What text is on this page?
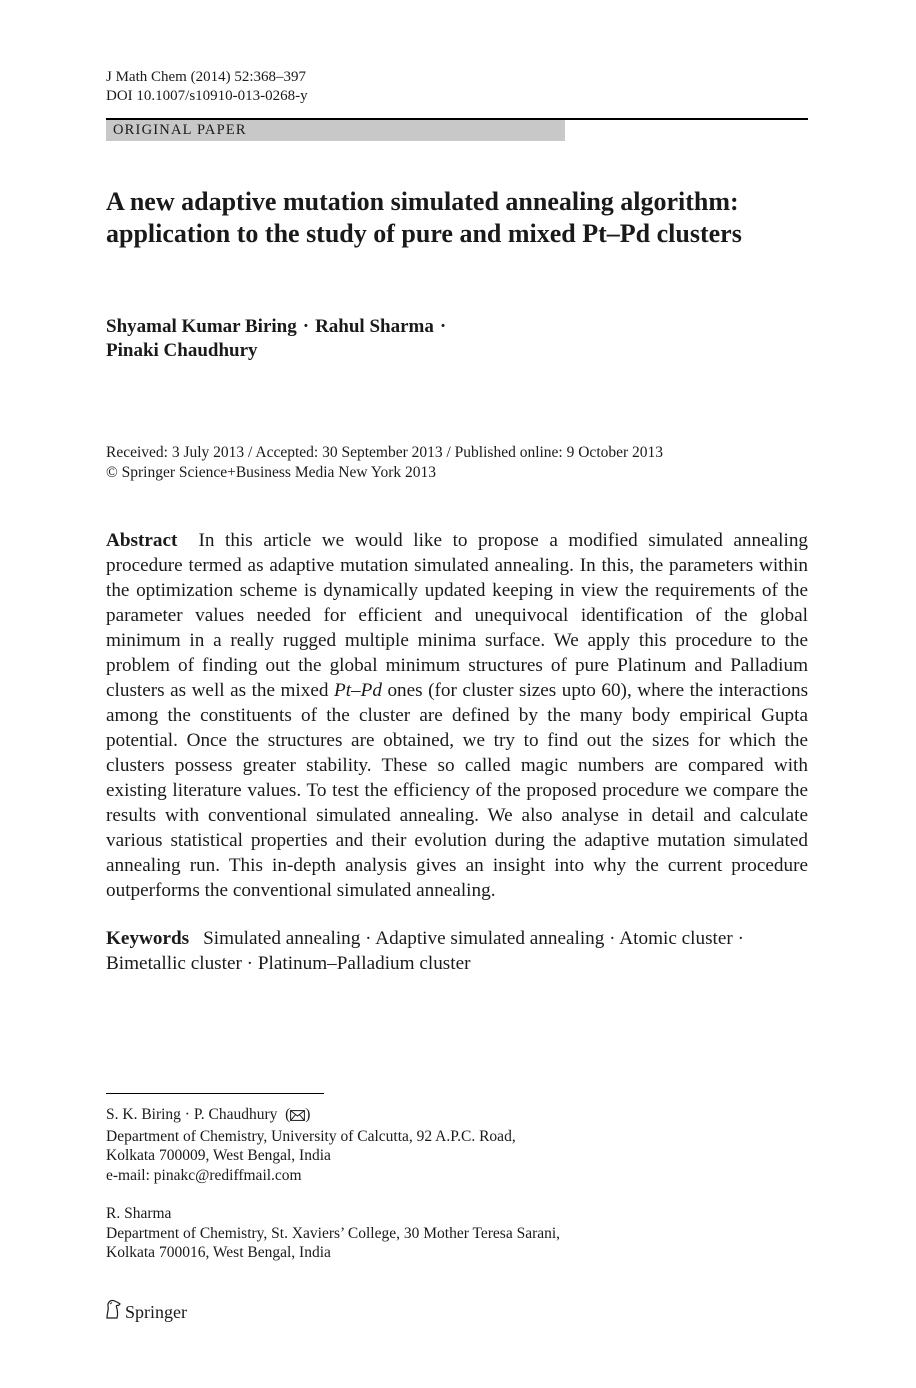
J Math Chem (2014) 52:368–397
DOI 10.1007/s10910-013-0268-y
ORIGINAL PAPER
A new adaptive mutation simulated annealing algorithm: application to the study of pure and mixed Pt–Pd clusters
Shyamal Kumar Biring · Rahul Sharma ·
Pinaki Chaudhury
Received: 3 July 2013 / Accepted: 30 September 2013 / Published online: 9 October 2013
© Springer Science+Business Media New York 2013

Abstract In this article we would like to propose a modified simulated annealing procedure termed as adaptive mutation simulated annealing. In this, the parameters within the optimization scheme is dynamically updated keeping in view the requirements of the parameter values needed for efficient and unequivocal identification of the global minimum in a really rugged multiple minima surface. We apply this procedure to the problem of finding out the global minimum structures of pure Platinum and Palladium clusters as well as the mixed Pt–Pd ones (for cluster sizes upto 60), where the interactions among the constituents of the cluster are defined by the many body empirical Gupta potential. Once the structures are obtained, we try to find out the sizes for which the clusters possess greater stability. These so called magic numbers are compared with existing literature values. To test the efficiency of the proposed procedure we compare the results with conventional simulated annealing. We also analyse in detail and calculate various statistical properties and their evolution during the adaptive mutation simulated annealing run. This in-depth analysis gives an insight into why the current procedure outperforms the conventional simulated annealing.

Keywords Simulated annealing · Adaptive simulated annealing · Atomic cluster · Bimetallic cluster · Platinum–Palladium cluster

S. K. Biring · P. Chaudhury  ( )
Department of Chemistry, University of Calcutta, 92 A.P.C. Road,
Kolkata 700009, West Bengal, India
e-mail: pinakc@rediffmail.com
R. Sharma
Department of Chemistry, St. Xaviers’ College, 30 Mother Teresa Sarani,
Kolkata 700016, West Bengal, India
Springer
